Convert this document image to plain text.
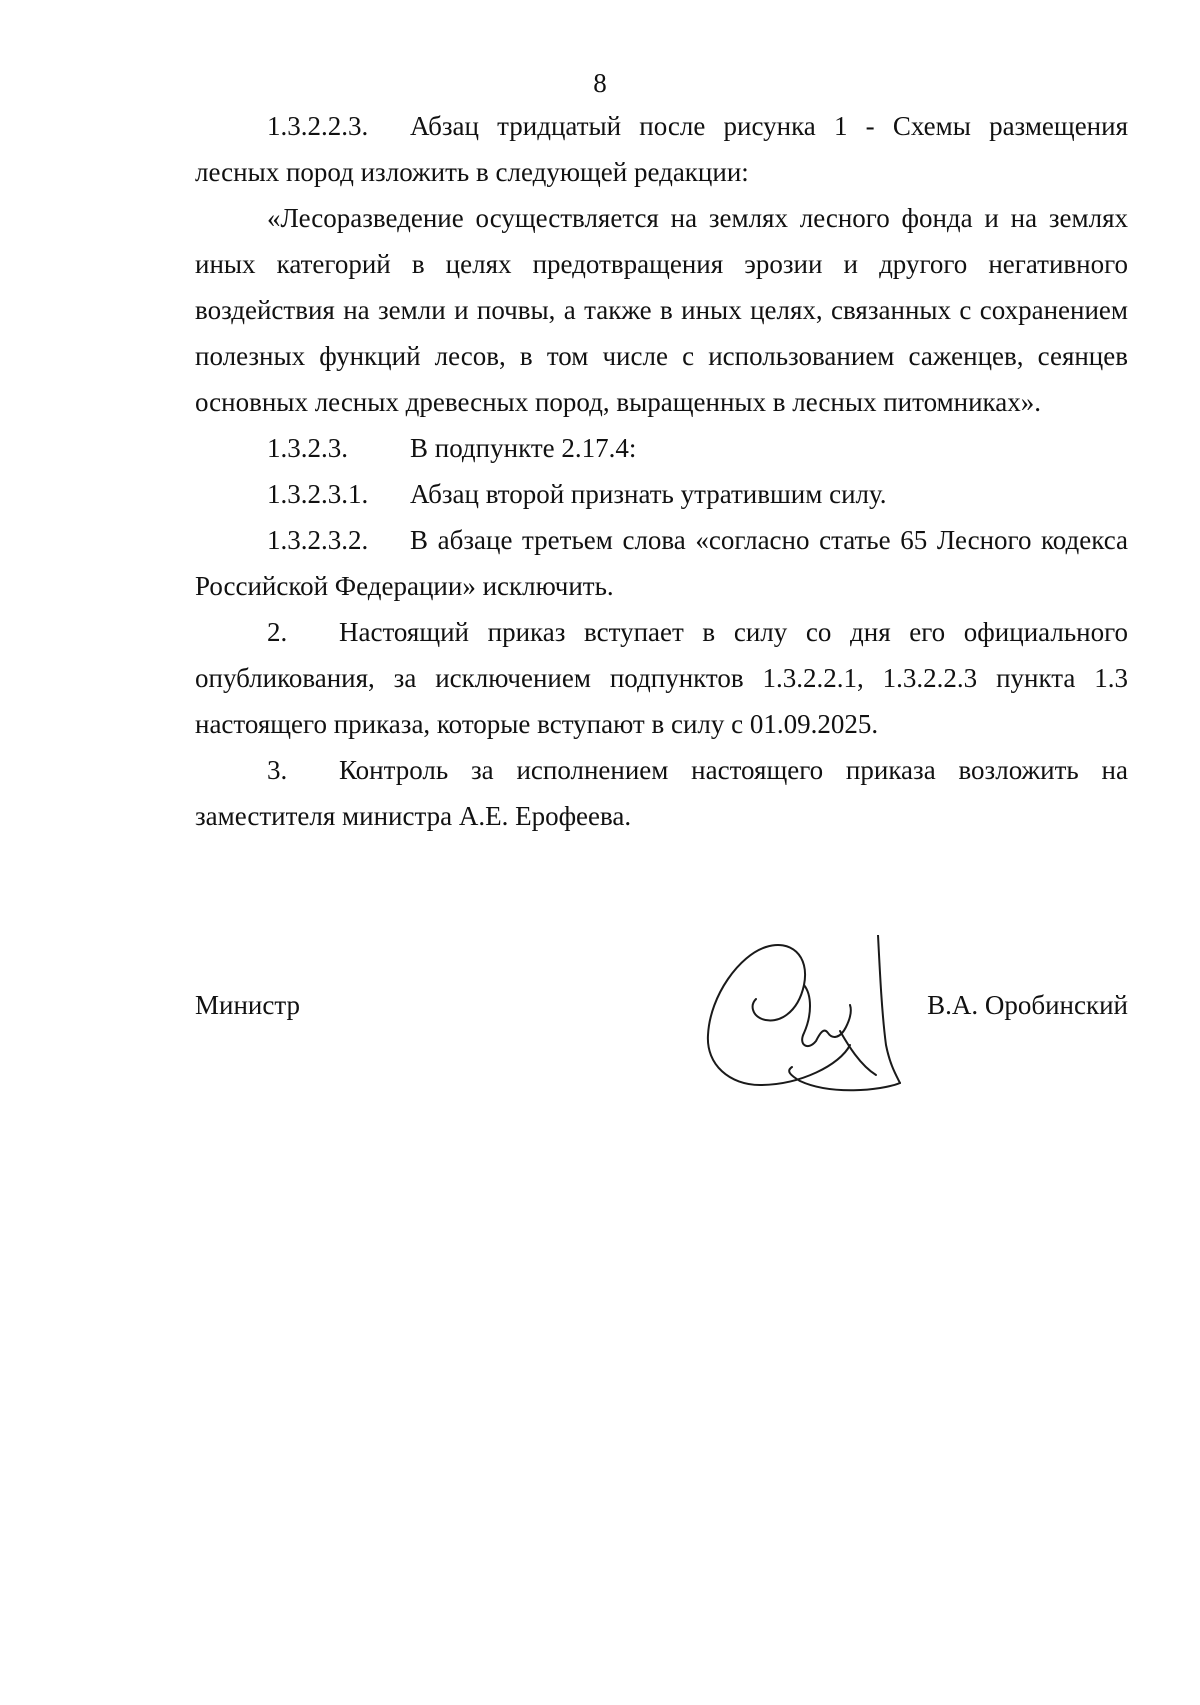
8

1.3.2.2.3. Абзац тридцатый после рисунка 1 - Схемы размещения лесных пород изложить в следующей редакции:

«Лесоразведение осуществляется на землях лесного фонда и на землях иных категорий в целях предотвращения эрозии и другого негативного воздействия на земли и почвы, а также в иных целях, связанных с сохранением полезных функций лесов, в том числе с использованием саженцев, сеянцев основных лесных древесных пород, выращенных в лесных питомниках».

1.3.2.3. В подпункте 2.17.4:

1.3.2.3.1. Абзац второй признать утратившим силу.

1.3.2.3.2. В абзаце третьем слова «согласно статье 65 Лесного кодекса Российской Федерации» исключить.

2. Настоящий приказ вступает в силу со дня его официального опубликования, за исключением подпунктов 1.3.2.2.1, 1.3.2.2.3 пункта 1.3 настоящего приказа, которые вступают в силу с 01.09.2025.

3. Контроль за исполнением настоящего приказа возложить на заместителя министра А.Е. Ерофеева.

Министр	В.А. Оробинский
